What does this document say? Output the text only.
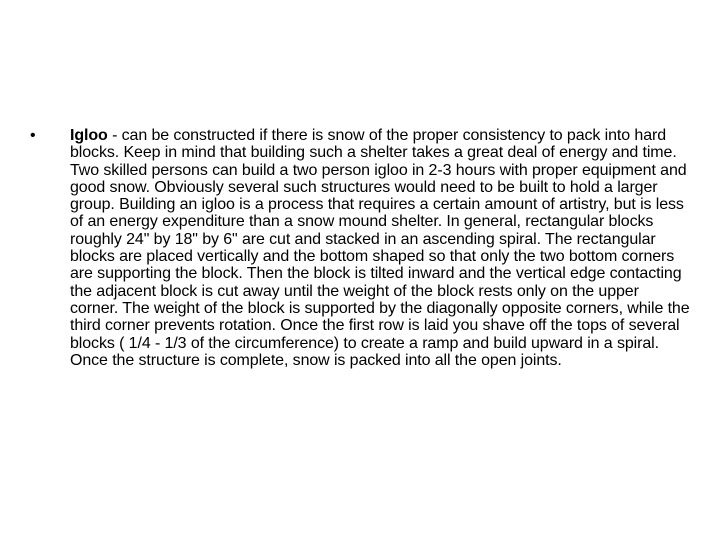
• Igloo - can be constructed if there is snow of the proper consistency to pack into hard blocks. Keep in mind that building such a shelter takes a great deal of energy and time. Two skilled persons can build a two person igloo in 2-3 hours with proper equipment and good snow. Obviously several such structures would need to be built to hold a larger group. Building an igloo is a process that requires a certain amount of artistry, but is less of an energy expenditure than a snow mound shelter. In general, rectangular blocks roughly 24" by 18" by 6" are cut and stacked in an ascending spiral. The rectangular blocks are placed vertically and the bottom shaped so that only the two bottom corners are supporting the block. Then the block is tilted inward and the vertical edge contacting the adjacent block is cut away until the weight of the block rests only on the upper corner. The weight of the block is supported by the diagonally opposite corners, while the third corner prevents rotation. Once the first row is laid you shave off the tops of several blocks ( 1/4 - 1/3 of the circumference) to create a ramp and build upward in a spiral. Once the structure is complete, snow is packed into all the open joints.
